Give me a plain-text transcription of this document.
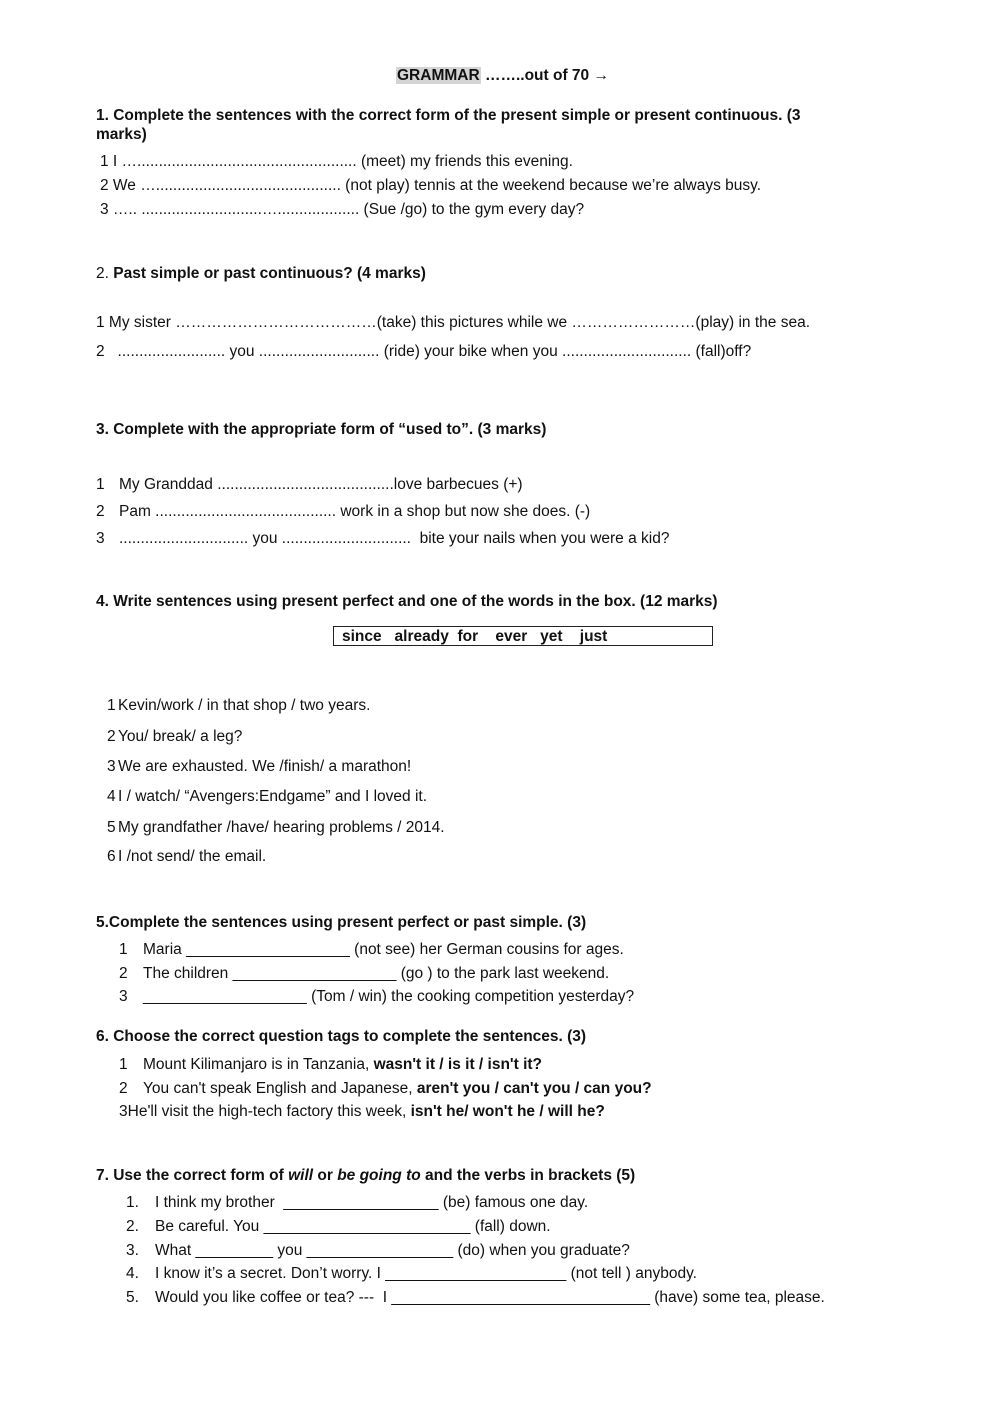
GRAMMAR ……..out of 70 →
1. Complete the sentences with the correct form of the present simple or present continuous. (3
marks)
1 I …................................................... (meet) my friends this evening.
2 We …........................................... (not play) tennis at the weekend because we’re always busy.
3 ….. ............................…................... (Sue /go) to the gym every day?
2. Past simple or past continuous? (4 marks)
1 My sister …………………………………(take) this pictures while we ……………………(play) in the sea.
2   ......................... you ............................ (ride) your bike when you .............................. (fall)off?
3. Complete with the appropriate form of “used to”. (3 marks)
1 My Granddad .........................................love barbecues (+)
2 Pam .......................................... work in a shop but now she does. (-)
3 .............................. you ..............................  bite your nails when you were a kid?
4. Write sentences using present perfect and one of the words in the box. (12 marks)
since   already  for    ever   yet    just
1 Kevin/work / in that shop / two years.
2 You/ break/ a leg?
3 We are exhausted. We /finish/ a marathon!
4 I / watch/ “Avengers:Endgame” and I loved it.
5 My grandfather /have/ hearing problems / 2014.
6 I /not send/ the email.
5.Complete the sentences using present perfect or past simple. (3)
1 Maria ___________________ (not see) her German cousins for ages.
2 The children ___________________ (go ) to the park last weekend.
3 ___________________ (Tom / win) the cooking competition yesterday?
6. Choose the correct question tags to complete the sentences. (3)
1 Mount Kilimanjaro is in Tanzania, wasn't it / is it / isn't it?
2 You can't speak English and Japanese, aren't you / can't you / can you?
3He'll visit the high-tech factory this week, isn't he/ won't he / will he?
7. Use the correct form of will or be going to and the verbs in brackets (5)
1. I think my brother  __________________ (be) famous one day.
2. Be careful. You ________________________ (fall) down.
3. What _________ you _________________ (do) when you graduate?
4. I know it’s a secret. Don’t worry. I _____________________ (not tell ) anybody.
5. Would you like coffee or tea? ---  I ______________________________ (have) some tea, please.
